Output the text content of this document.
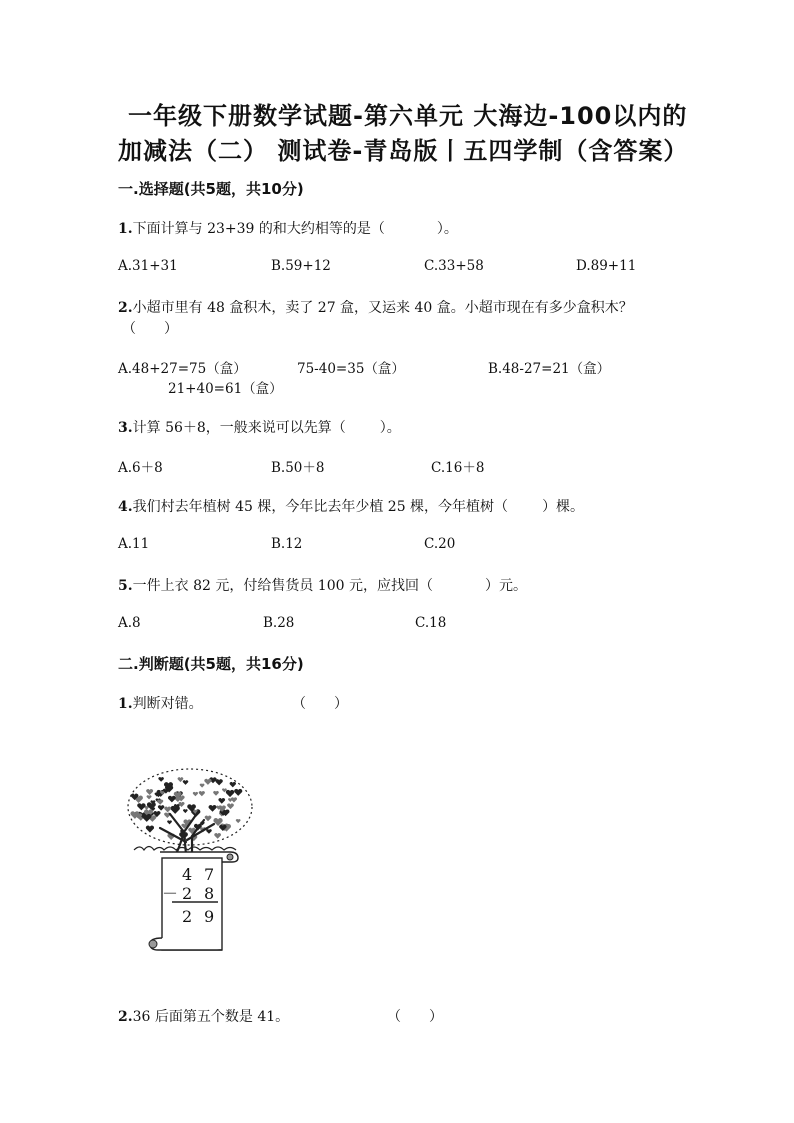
一年级下册数学试题-第六单元 大海边-100以内的
加减法（二） 测试卷-青岛版丨五四学制（含答案）
一.选择题(共5题，共10分)
1.下面计算与 23+39 的和大约相等的是（	）。
A.31+31	B.59+12	C.33+58	D.89+11
2.小超市里有 48 盒积木，卖了 27 盒，又运来 40 盒。小超市现在有多少盒积木？
（　　）
A.48+27=75（盒）	75-40=35（盒）	B.48-27=21（盒）
21+40=61（盒）
3.计算 56＋8，一般来说可以先算（ ）。
A.6＋8	B.50＋8	C.16＋8
4.我们村去年植树 45 棵，今年比去年少植 25 棵，今年植树（ ）棵。
A.11	B.12	C.20
5.一件上衣 82 元，付给售货员 100 元，应找回（	）元。
A.8	B.28	C.18
二.判断题(共5题，共16分)
1.判断对错。	（　　）
4 7
－ 2 8
2 9
2.36 后面第五个数是 41。	（　　）
